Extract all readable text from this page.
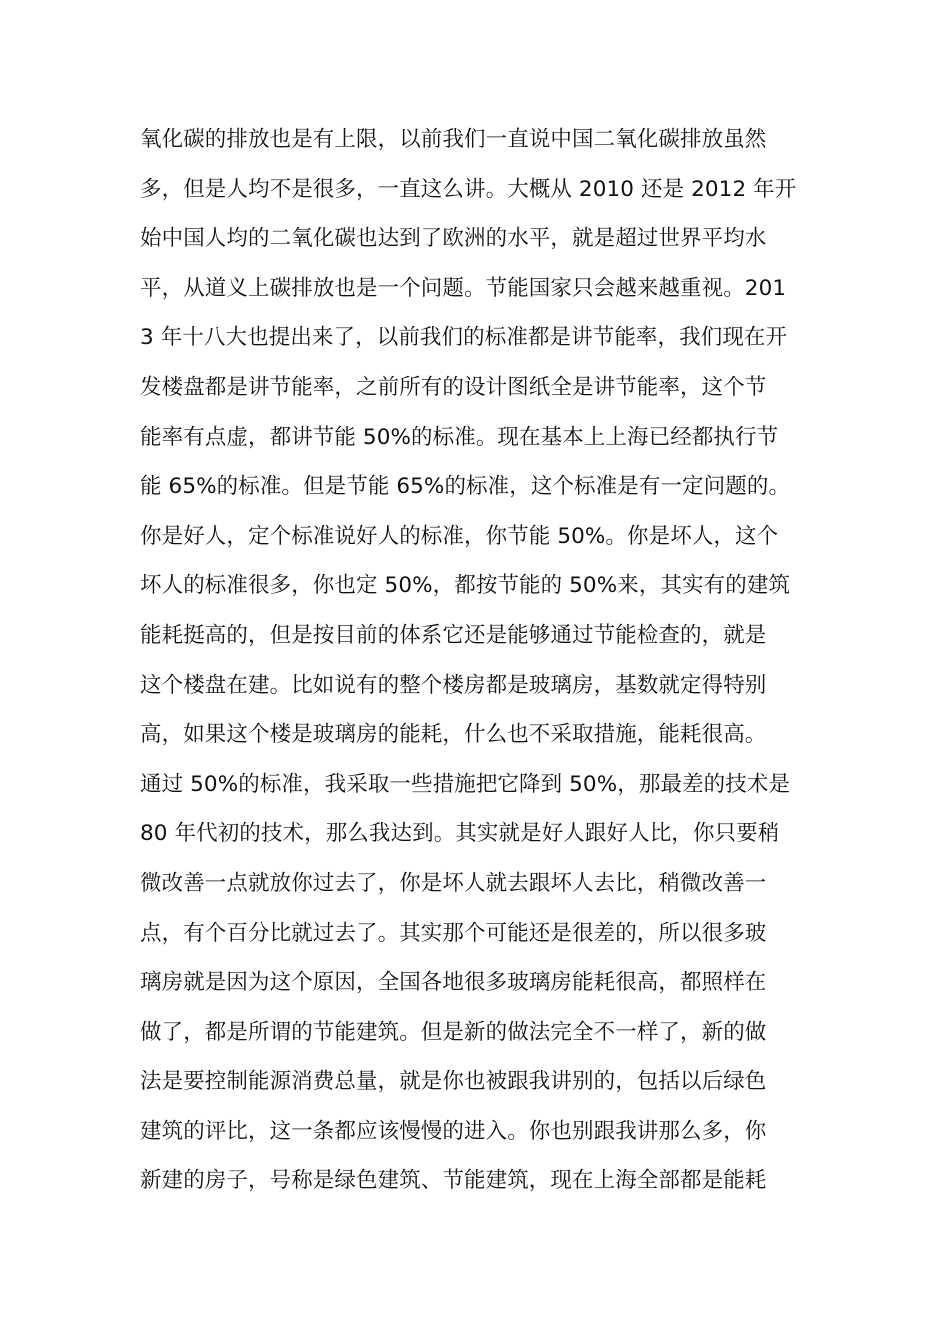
氧化碳的排放也是有上限，以前我们一直说中国二氧化碳排放虽然
多，但是人均不是很多，一直这么讲。大概从 2010 还是 2012 年开
始中国人均的二氧化碳也达到了欧洲的水平，就是超过世界平均水
平，从道义上碳排放也是一个问题。节能国家只会越来越重视。201
3 年十八大也提出来了，以前我们的标准都是讲节能率，我们现在开
发楼盘都是讲节能率，之前所有的设计图纸全是讲节能率，这个节
能率有点虚，都讲节能 50%的标准。现在基本上上海已经都执行节
能 65%的标准。但是节能 65%的标准，这个标准是有一定问题的。
你是好人，定个标准说好人的标准，你节能 50%。你是坏人，这个
坏人的标准很多，你也定 50%，都按节能的 50%来，其实有的建筑
能耗挺高的，但是按目前的体系它还是能够通过节能检查的，就是
这个楼盘在建。比如说有的整个楼房都是玻璃房，基数就定得特别
高，如果这个楼是玻璃房的能耗，什么也不采取措施，能耗很高。
通过 50%的标准，我采取一些措施把它降到 50%，那最差的技术是
80 年代初的技术，那么我达到。其实就是好人跟好人比，你只要稍
微改善一点就放你过去了，你是坏人就去跟坏人去比，稍微改善一
点，有个百分比就过去了。其实那个可能还是很差的，所以很多玻
璃房就是因为这个原因，全国各地很多玻璃房能耗很高，都照样在
做了，都是所谓的节能建筑。但是新的做法完全不一样了，新的做
法是要控制能源消费总量，就是你也被跟我讲别的，包括以后绿色
建筑的评比，这一条都应该慢慢的进入。你也别跟我讲那么多，你
新建的房子，号称是绿色建筑、节能建筑，现在上海全部都是能耗
